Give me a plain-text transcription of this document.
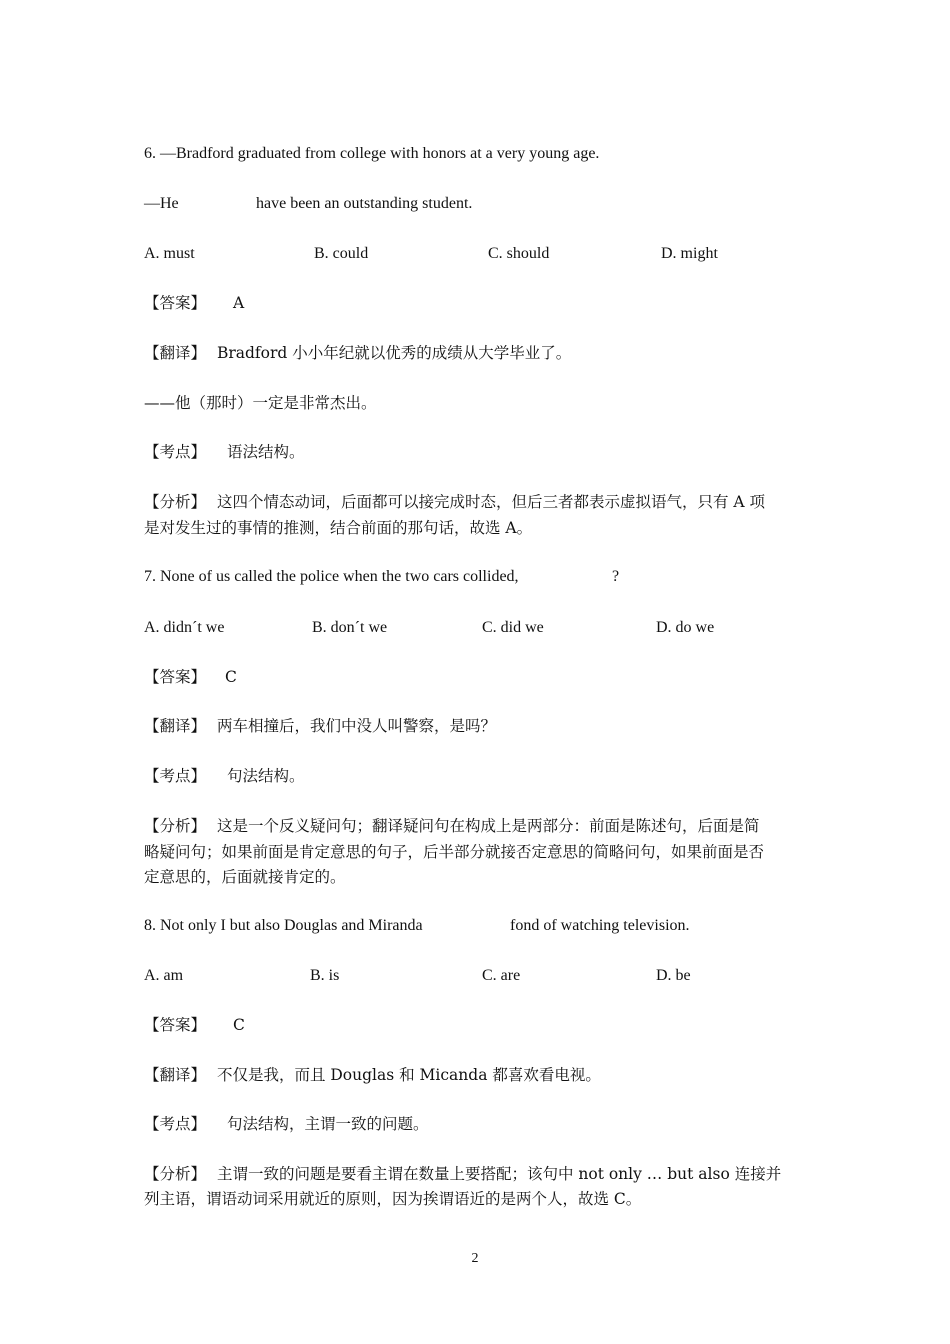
6. —Bradford graduated from college with honors at a very young age.
—He	have been an outstanding student.
A. must	B. could	C. should	D. might
【答案】 A
【翻译】 Bradford 小小年纪就以优秀的成绩从大学毕业了。
——他（那时）一定是非常杰出。
【考点】 语法结构。
【分析】 这四个情态动词，后面都可以接完成时态，但后三者都表示虚拟语气，只有 A 项
是对发生过的事情的推测，结合前面的那句话，故选 A。
7. None of us called the police when the two cars collided,	?
A. didn´t we	B. don´t we	C. did we	D. do we
【答案】 C
【翻译】 两车相撞后，我们中没人叫警察，是吗？
【考点】 句法结构。
【分析】 这是一个反义疑问句；翻译疑问句在构成上是两部分：前面是陈述句，后面是简
略疑问句；如果前面是肯定意思的句子，后半部分就接否定意思的简略问句，如果前面是否
定意思的，后面就接肯定的。
8. Not only I but also Douglas and Miranda	fond of watching television.
A. am	B. is	C. are	D. be
【答案】 C
【翻译】 不仅是我，而且 Douglas 和 Micanda 都喜欢看电视。
【考点】 句法结构，主谓一致的问题。
【分析】 主谓一致的问题是要看主谓在数量上要搭配；该句中 not only … but also 连接并
列主语，谓语动词采用就近的原则，因为挨谓语近的是两个人，故选 C。
2
